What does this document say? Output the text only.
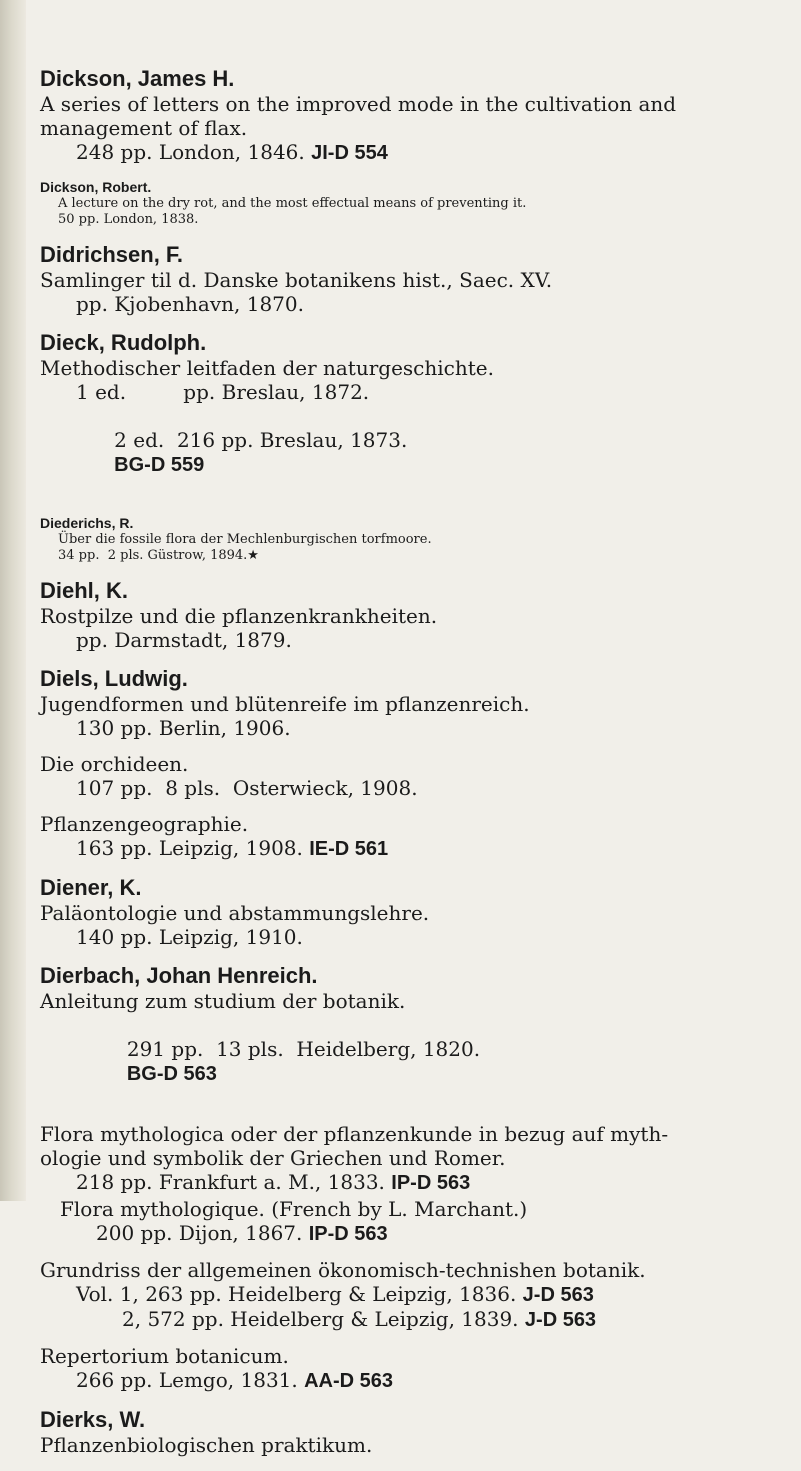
Dickson, James H.
A series of letters on the improved mode in the cultivation and
management of flax.
248 pp. London, 1846. JI-D 554
Dickson, Robert.
A lecture on the dry rot, and the most effectual means of preventing it.
50 pp. London, 1838.
Didrichsen, F.
Samlinger til d. Danske botanikens hist., Saec. XV.
pp. Kjobenhavn, 1870.
Dieck, Rudolph.
Methodischer leitfaden der naturgeschichte.
1 ed.         pp. Breslau, 1872.

2 ed.  216 pp. Breslau, 1873.
BG-D 559

Diederichs, R.
Über die fossile flora der Mechlenburgischen torfmoore.
34 pp.  2 pls. Güstrow, 1894.★
Diehl, K.
Rostpilze und die pflanzenkrankheiten.
pp. Darmstadt, 1879.
Diels, Ludwig.
Jugendformen und blütenreife im pflanzenreich.
130 pp. Berlin, 1906.
Die orchideen.
107 pp.  8 pls.  Osterwieck, 1908.
Pflanzengeographie.
163 pp. Leipzig, 1908. IE-D 561
Diener, K.
Paläontologie und abstammungslehre.
140 pp. Leipzig, 1910.
Dierbach, Johan Henreich.
Anleitung zum studium der botanik.

291 pp.  13 pls.  Heidelberg, 1820.
BG-D 563

Flora mythologica oder der pflanzenkunde in bezug auf myth-
ologie und symbolik der Griechen und Romer.
218 pp. Frankfurt a. M., 1833. IP-D 563
Flora mythologique. (French by L. Marchant.)
200 pp. Dijon, 1867. IP-D 563
Grundriss der allgemeinen ökonomisch-technishen botanik.
Vol. 1, 263 pp. Heidelberg & Leipzig, 1836. J-D 563
2, 572 pp. Heidelberg & Leipzig, 1839. J-D 563
Repertorium botanicum.
266 pp. Lemgo, 1831. AA-D 563
Dierks, W.
Pflanzenbiologischen praktikum.
